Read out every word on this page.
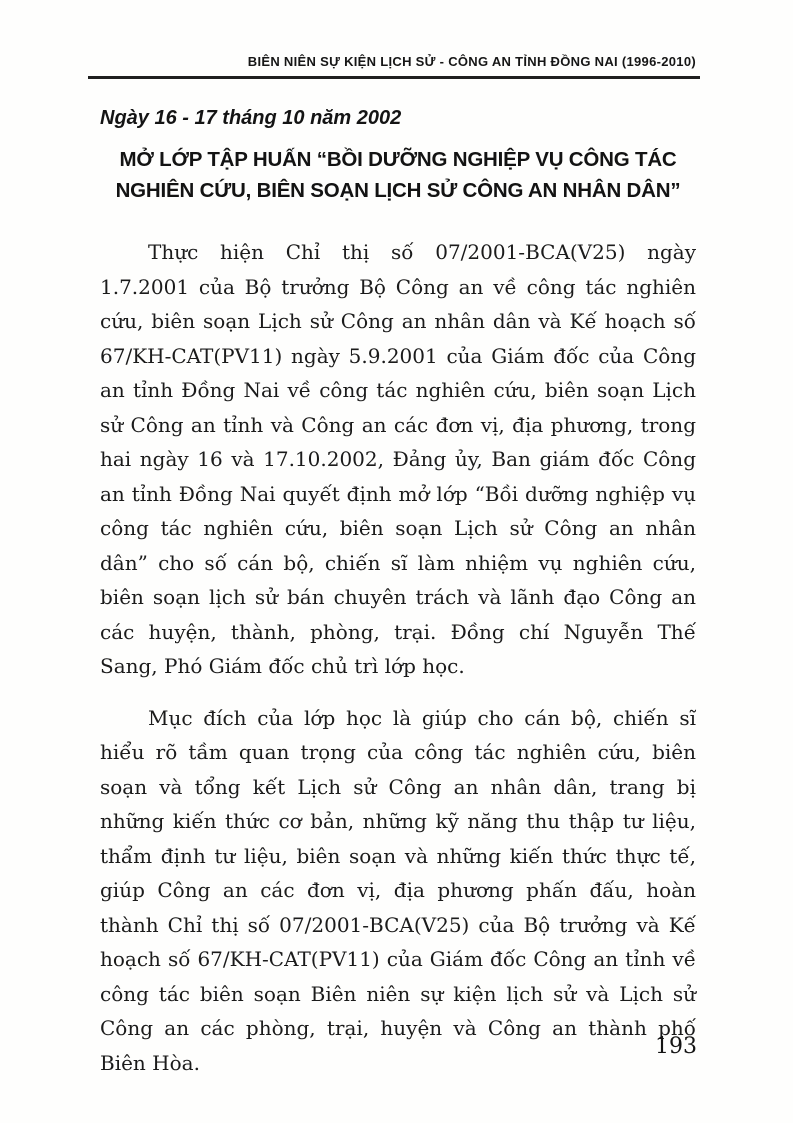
BIÊN NIÊN SỰ KIỆN LỊCH SỬ - CÔNG AN TỈNH ĐỒNG NAI (1996-2010)
Ngày 16 - 17 tháng 10 năm 2002
MỞ LỚP TẬP HUẤN “BỒI DƯỠNG NGHIỆP VỤ CÔNG TÁC
NGHIÊN CỨU, BIÊN SOẠN LỊCH SỬ CÔNG AN NHÂN DÂN”

Thực hiện Chỉ thị số 07/2001-BCA(V25) ngày 1.7.2001 của Bộ trưởng Bộ Công an về công tác nghiên cứu, biên soạn Lịch sử Công an nhân dân và Kế hoạch số 67/KH-CAT(PV11) ngày 5.9.2001 của Giám đốc của Công an tỉnh Đồng Nai về công tác nghiên cứu, biên soạn Lịch sử Công an tỉnh và Công an các đơn vị, địa phương, trong hai ngày 16 và 17.10.2002, Đảng ủy, Ban giám đốc Công an tỉnh Đồng Nai quyết định mở lớp “Bồi dưỡng nghiệp vụ công tác nghiên cứu, biên soạn Lịch sử Công an nhân dân” cho số cán bộ, chiến sĩ làm nhiệm vụ nghiên cứu, biên soạn lịch sử bán chuyên trách và lãnh đạo Công an các huyện, thành, phòng, trại. Đồng chí Nguyễn Thế Sang, Phó Giám đốc chủ trì lớp học.

Mục đích của lớp học là giúp cho cán bộ, chiến sĩ hiểu rõ tầm quan trọng của công tác nghiên cứu, biên soạn và tổng kết Lịch sử Công an nhân dân, trang bị những kiến thức cơ bản, những kỹ năng thu thập tư liệu, thẩm định tư liệu, biên soạn và những kiến thức thực tế, giúp Công an các đơn vị, địa phương phấn đấu, hoàn thành Chỉ thị số 07/2001-BCA(V25) của Bộ trưởng và Kế hoạch số 67/KH-CAT(PV11) của Giám đốc Công an tỉnh về công tác biên soạn Biên niên sự kiện lịch sử và Lịch sử Công an các phòng, trại, huyện và Công an thành phố Biên Hòa.

193
